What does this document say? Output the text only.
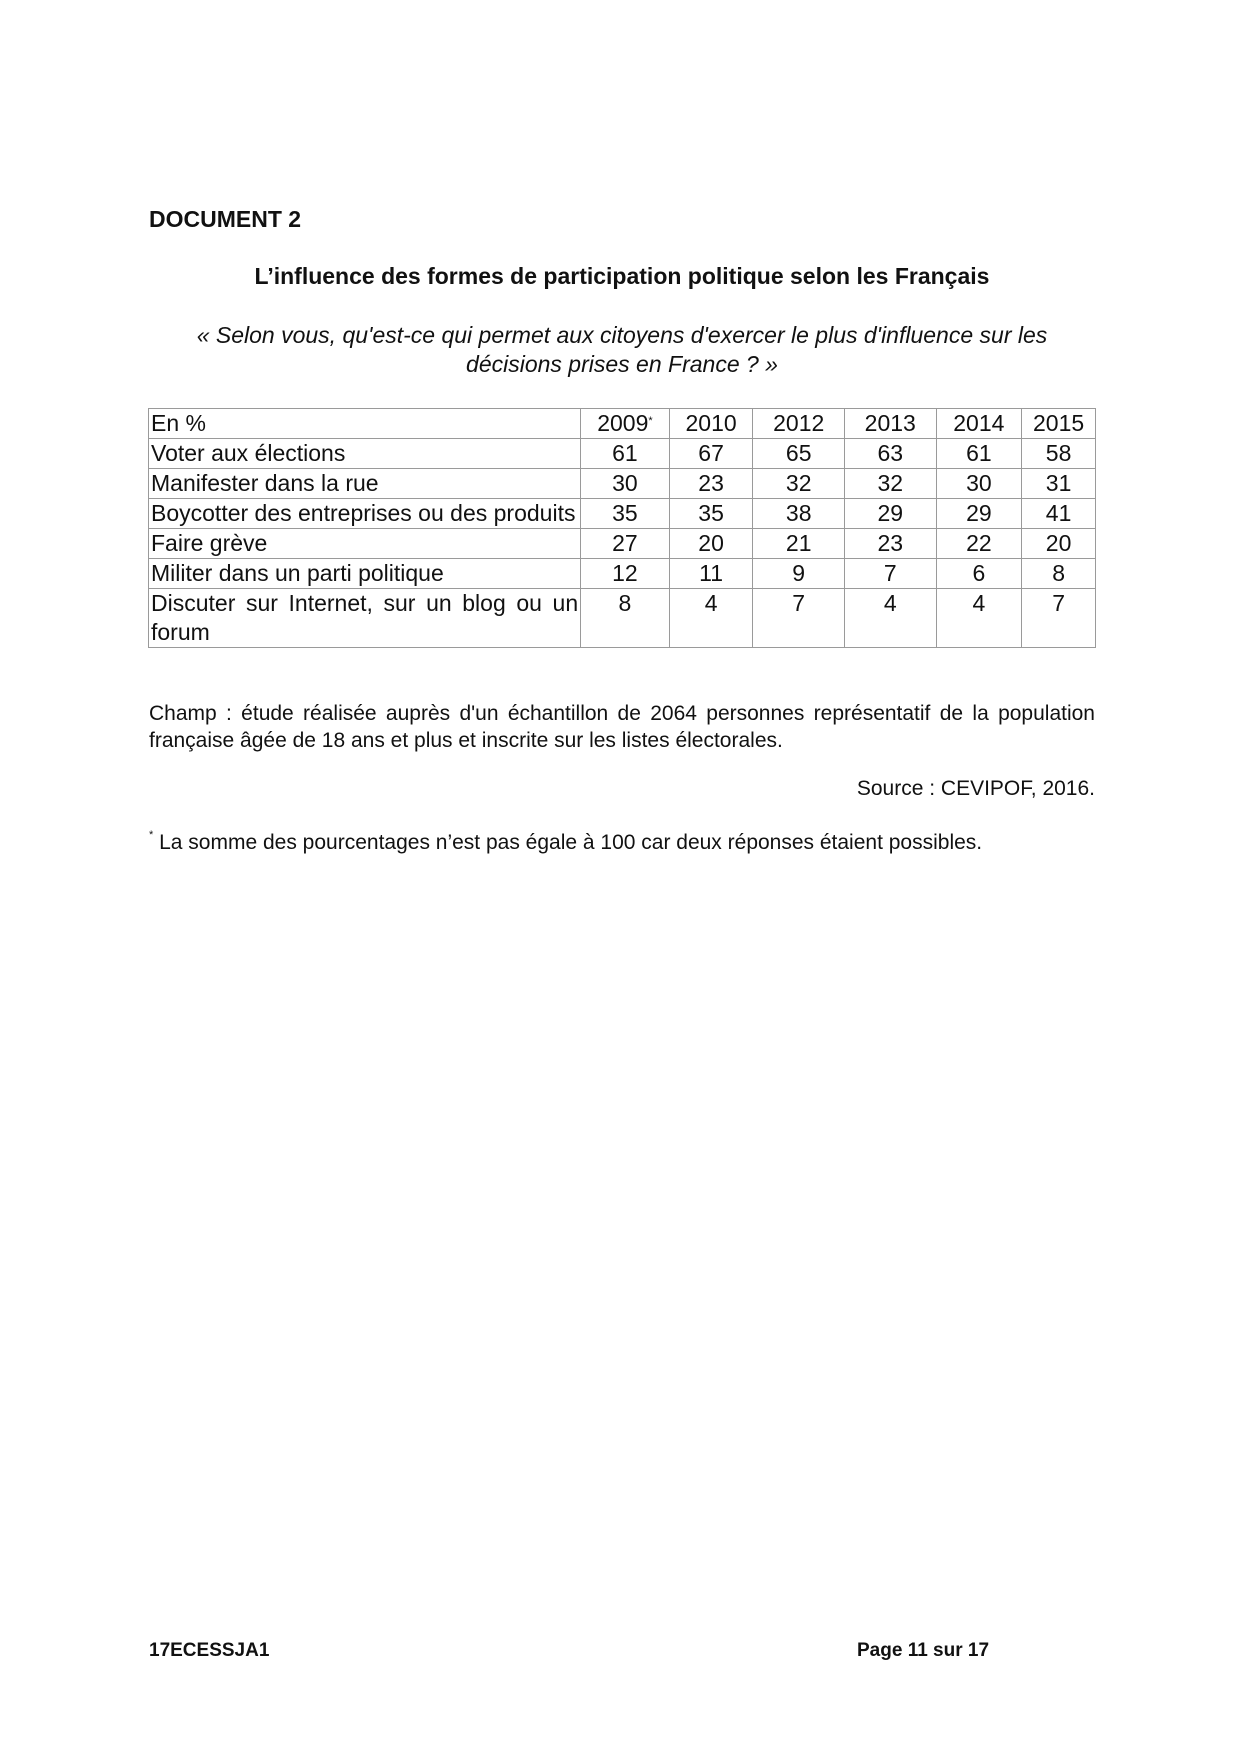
DOCUMENT 2

L’influence des formes de participation politique selon les Français

« Selon vous, qu'est-ce qui permet aux citoyens d'exercer le plus d'influence sur les décisions prises en France ? »

En %	2009*	2010	2012	2013	2014	2015
Voter aux élections	61	67	65	63	61	58
Manifester dans la rue	30	23	32	32	30	31
Boycotter des entreprises ou des produits	35	35	38	29	29	41
Faire grève	27	20	21	23	22	20
Militer dans un parti politique	12	11	9	7	6	8
Discuter sur Internet, sur un blog ou un forum	8	4	7	4	4	7

Champ : étude réalisée auprès d'un échantillon de 2064 personnes représentatif de la population française âgée de 18 ans et plus et inscrite sur les listes électorales.

Source : CEVIPOF, 2016.

* La somme des pourcentages n’est pas égale à 100 car deux réponses étaient possibles.

17ECESSJA1	Page 11 sur 17
